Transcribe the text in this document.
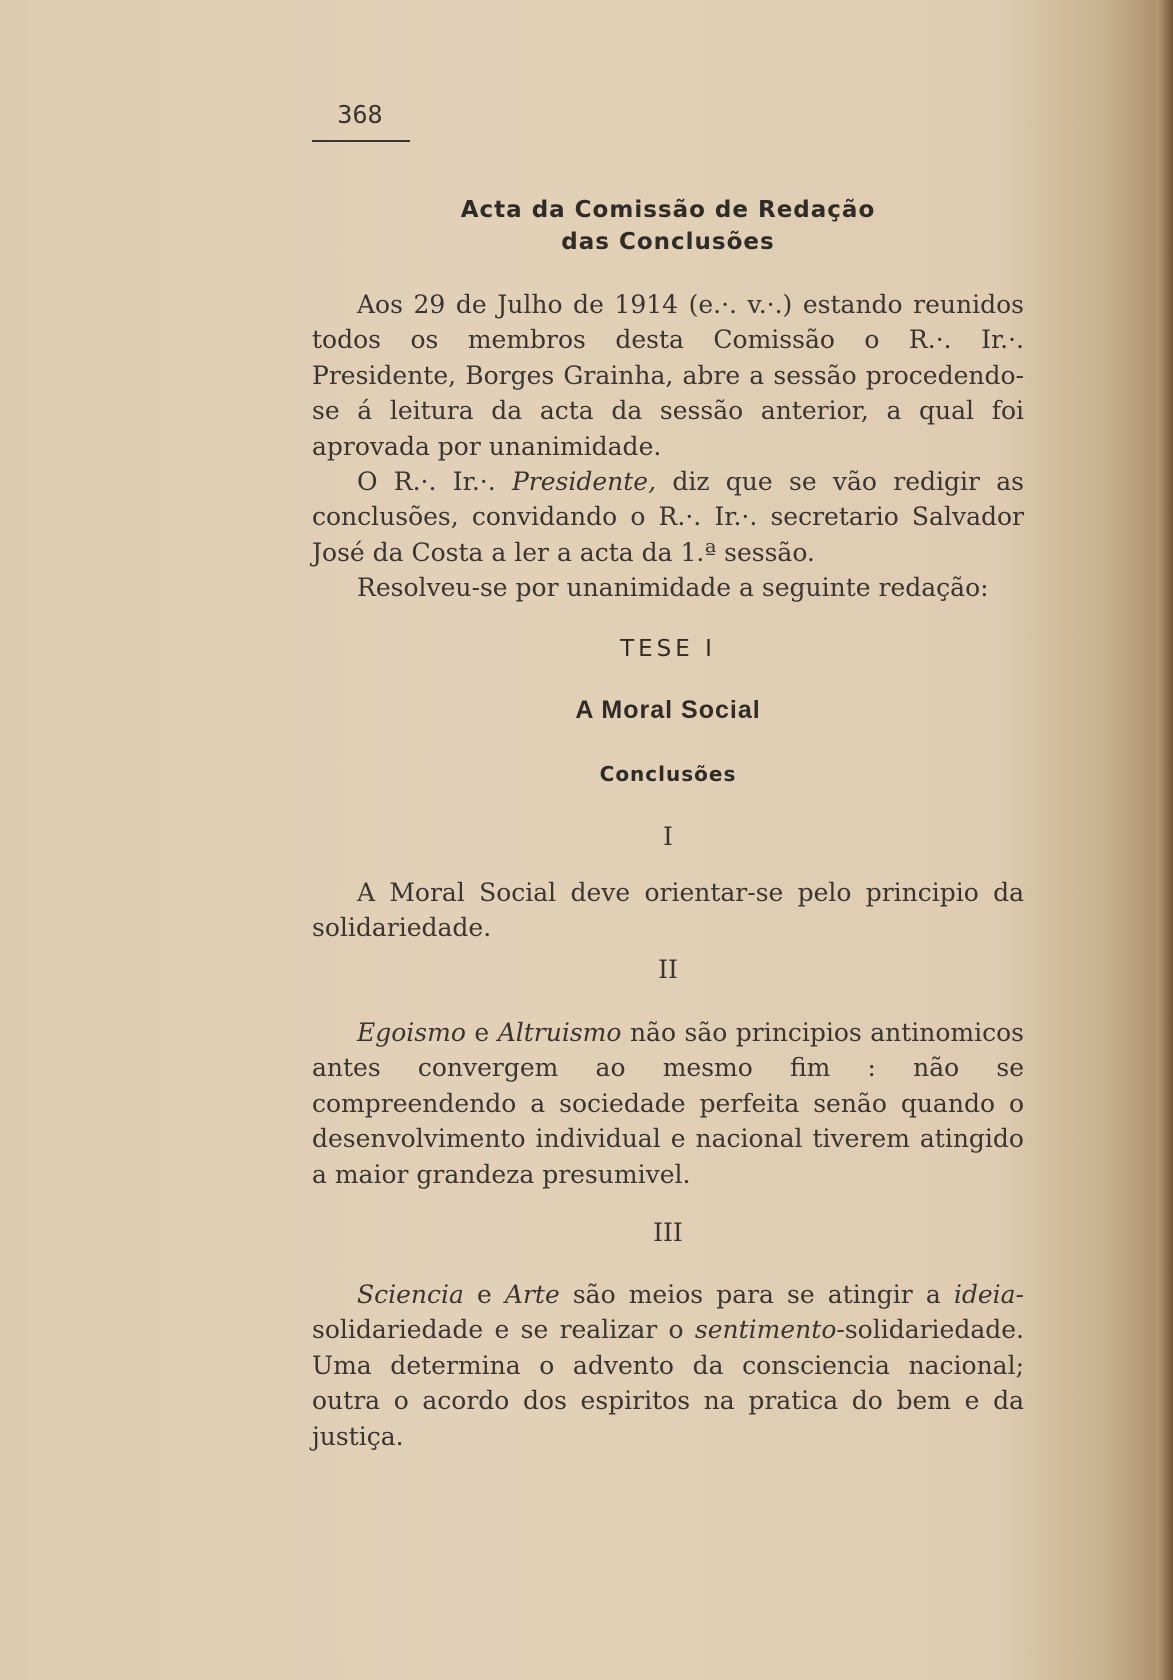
368
Acta da Comissão de Redação
das Conclusões

Aos 29 de Julho de 1914 (e.·. v.·.) estando reunidos todos os membros desta Comissão o R.·. Ir.·. Presidente, Borges Grainha, abre a sessão procedendo-se á leitura da acta da sessão anterior, a qual foi aprovada por unanimidade.

O R.·. Ir.·. Presidente, diz que se vão redigir as conclusões, convidando o R.·. Ir.·. secretario Salvador José da Costa a ler a acta da 1.ª sessão.

Resolveu-se por unanimidade a seguinte redação:

TESE I
A Moral Social
Conclusões
I

A Moral Social deve orientar-se pelo principio da solidariedade.

II

Egoismo e Altruismo não são principios antinomicos antes convergem ao mesmo fim : não se compreendendo a sociedade perfeita senão quando o desenvolvimento individual e nacional tiverem atingido a maior grandeza presumivel.

III

Sciencia e Arte são meios para se atingir a ideia-solidariedade e se realizar o sentimento-solidariedade. Uma determina o advento da consciencia nacional; outra o acordo dos espiritos na pratica do bem e da justiça.
